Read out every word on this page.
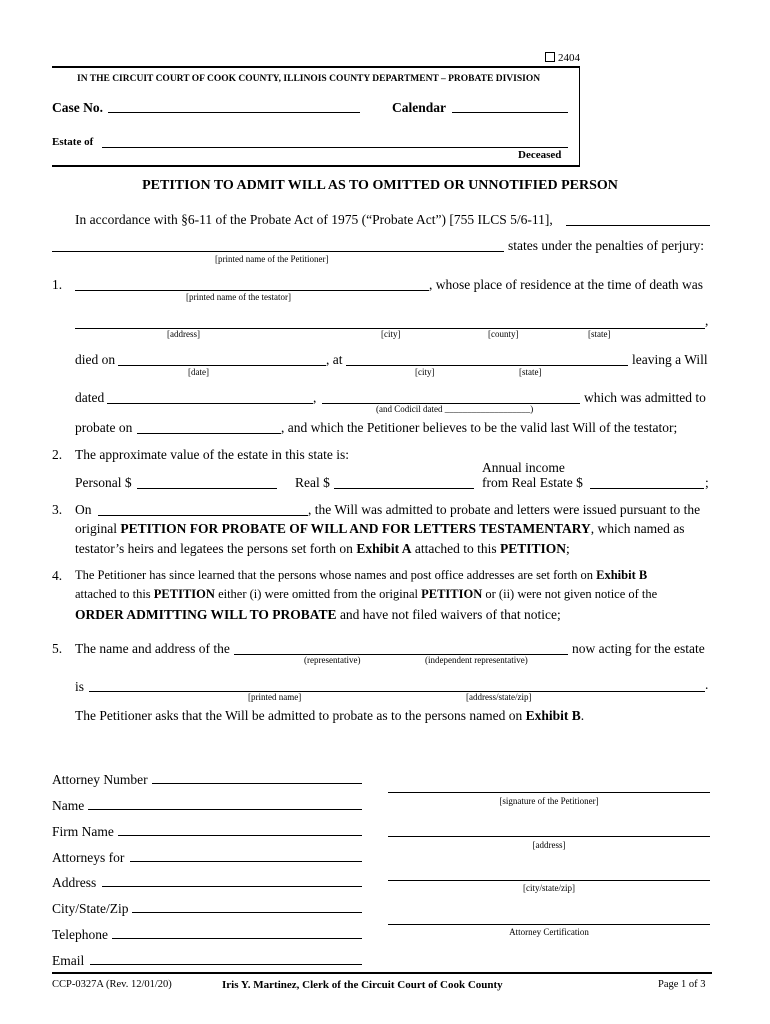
2404
IN THE CIRCUIT COURT OF COOK COUNTY, ILLINOIS COUNTY DEPARTMENT – PROBATE DIVISION
Case No.	Calendar
Estate of
Deceased
PETITION TO ADMIT WILL AS TO OMITTED OR UNNOTIFIED PERSON
In accordance with §6-11 of the Probate Act of 1975 (“Probate Act”) [755 ILCS 5/6-11],
states under the penalties of perjury:
[printed name of the Petitioner]
1.	, whose place of residence at the time of death was
[printed name of the testator]
,
[address]	[city]	[county]	[state]
died on	, at	leaving a Will
[date]	[city]	[state]
dated	,	which was admitted to
(and Codicil dated ___________________)
probate on	, and which the Petitioner believes to be the valid last Will of the testator;
2. The approximate value of the estate in this state is:
Annual income
Personal $	Real $	from Real Estate $	;
3. On	, the Will was admitted to probate and letters were issued pursuant to the
original PETITION FOR PROBATE OF WILL AND FOR LETTERS TESTAMENTARY, which named as
testator’s heirs and legatees the persons set forth on Exhibit A attached to this PETITION;
4. The Petitioner has since learned that the persons whose names and post office addresses are set forth on Exhibit B
attached to this PETITION either (i) were omitted from the original PETITION or (ii) were not given notice of the
ORDER ADMITTING WILL TO PROBATE and have not filed waivers of that notice;
5. The name and address of the	now acting for the estate
(representative)	(independent representative)
is	.
[printed name]	[address/state/zip]
The Petitioner asks that the Will be admitted to probate as to the persons named on Exhibit B.
Attorney Number
Name
Firm Name
Attorneys for
Address
City/State/Zip
Telephone
Email
[signature of the Petitioner]
[address]
[city/state/zip]
Attorney Certification
CCP-0327A (Rev. 12/01/20)	Iris Y. Martinez, Clerk of the Circuit Court of Cook County	Page 1 of 3
